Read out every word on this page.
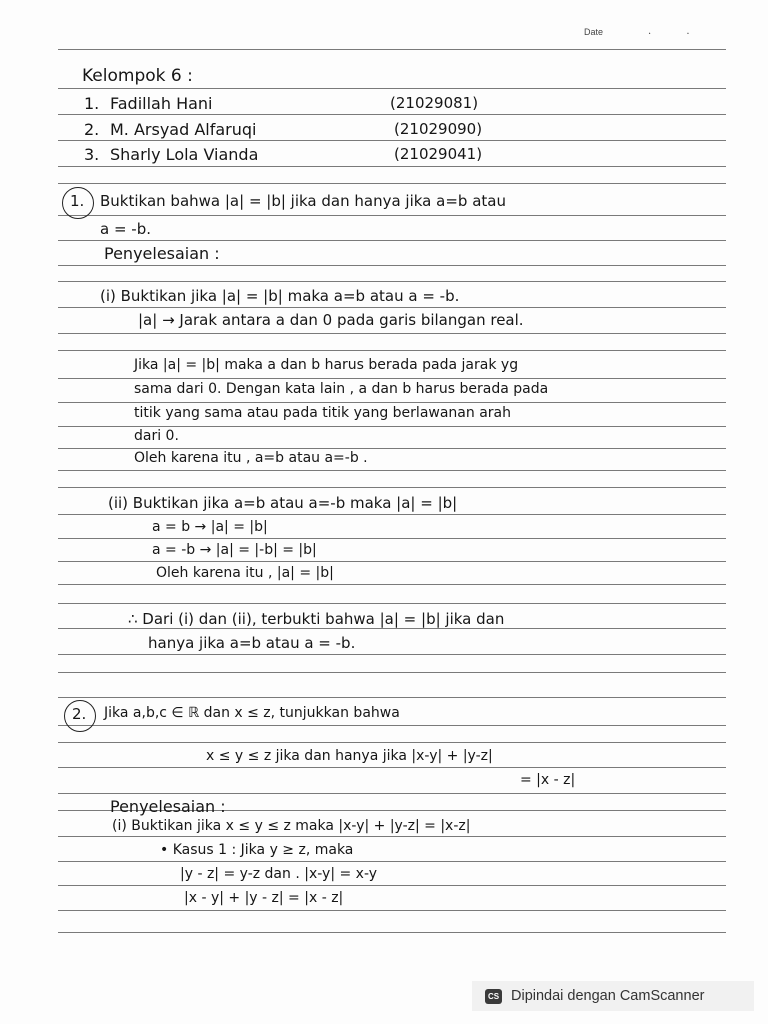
Date	. .
Kelompok 6 :
1. Fadillah Hani	(21029081)
2. M. Arsyad Alfaruqi	(21029090)
3. Sharly Lola Vianda	(21029041)
1. Buktikan bahwa |a| = |b| jika dan hanya jika a=b atau
a = -b.
Penyelesaian :
(i) Buktikan jika |a| = |b| maka a=b atau a = -b.
|a| → Jarak antara a dan 0 pada garis bilangan real.
Jika |a| = |b| maka a dan b harus berada pada jarak yg
sama dari 0. Dengan kata lain , a dan b harus berada pada
titik yang sama atau pada titik yang berlawanan arah
dari 0.
Oleh karena itu , a=b atau a=-b .
(ii) Buktikan jika a=b atau a=-b maka |a| = |b|
a = b → |a| = |b|
a = -b → |a| = |-b| = |b|
Oleh karena itu , |a| = |b|
∴ Dari (i) dan (ii), terbukti bahwa |a| = |b| jika dan
hanya jika a=b atau a = -b.
2. Jika a,b,c ∈ ℝ dan x ≤ z, tunjukkan bahwa
x ≤ y ≤ z jika dan hanya jika |x-y| + |y-z|
= |x - z|
Penyelesaian :
(i) Buktikan jika x ≤ y ≤ z maka |x-y| + |y-z| = |x-z|
• Kasus 1 : Jika y ≥ z, maka
|y - z| = y-z dan . |x-y| = x-y
|x - y| + |y - z| = |x - z|
CS Dipindai dengan CamScanner
